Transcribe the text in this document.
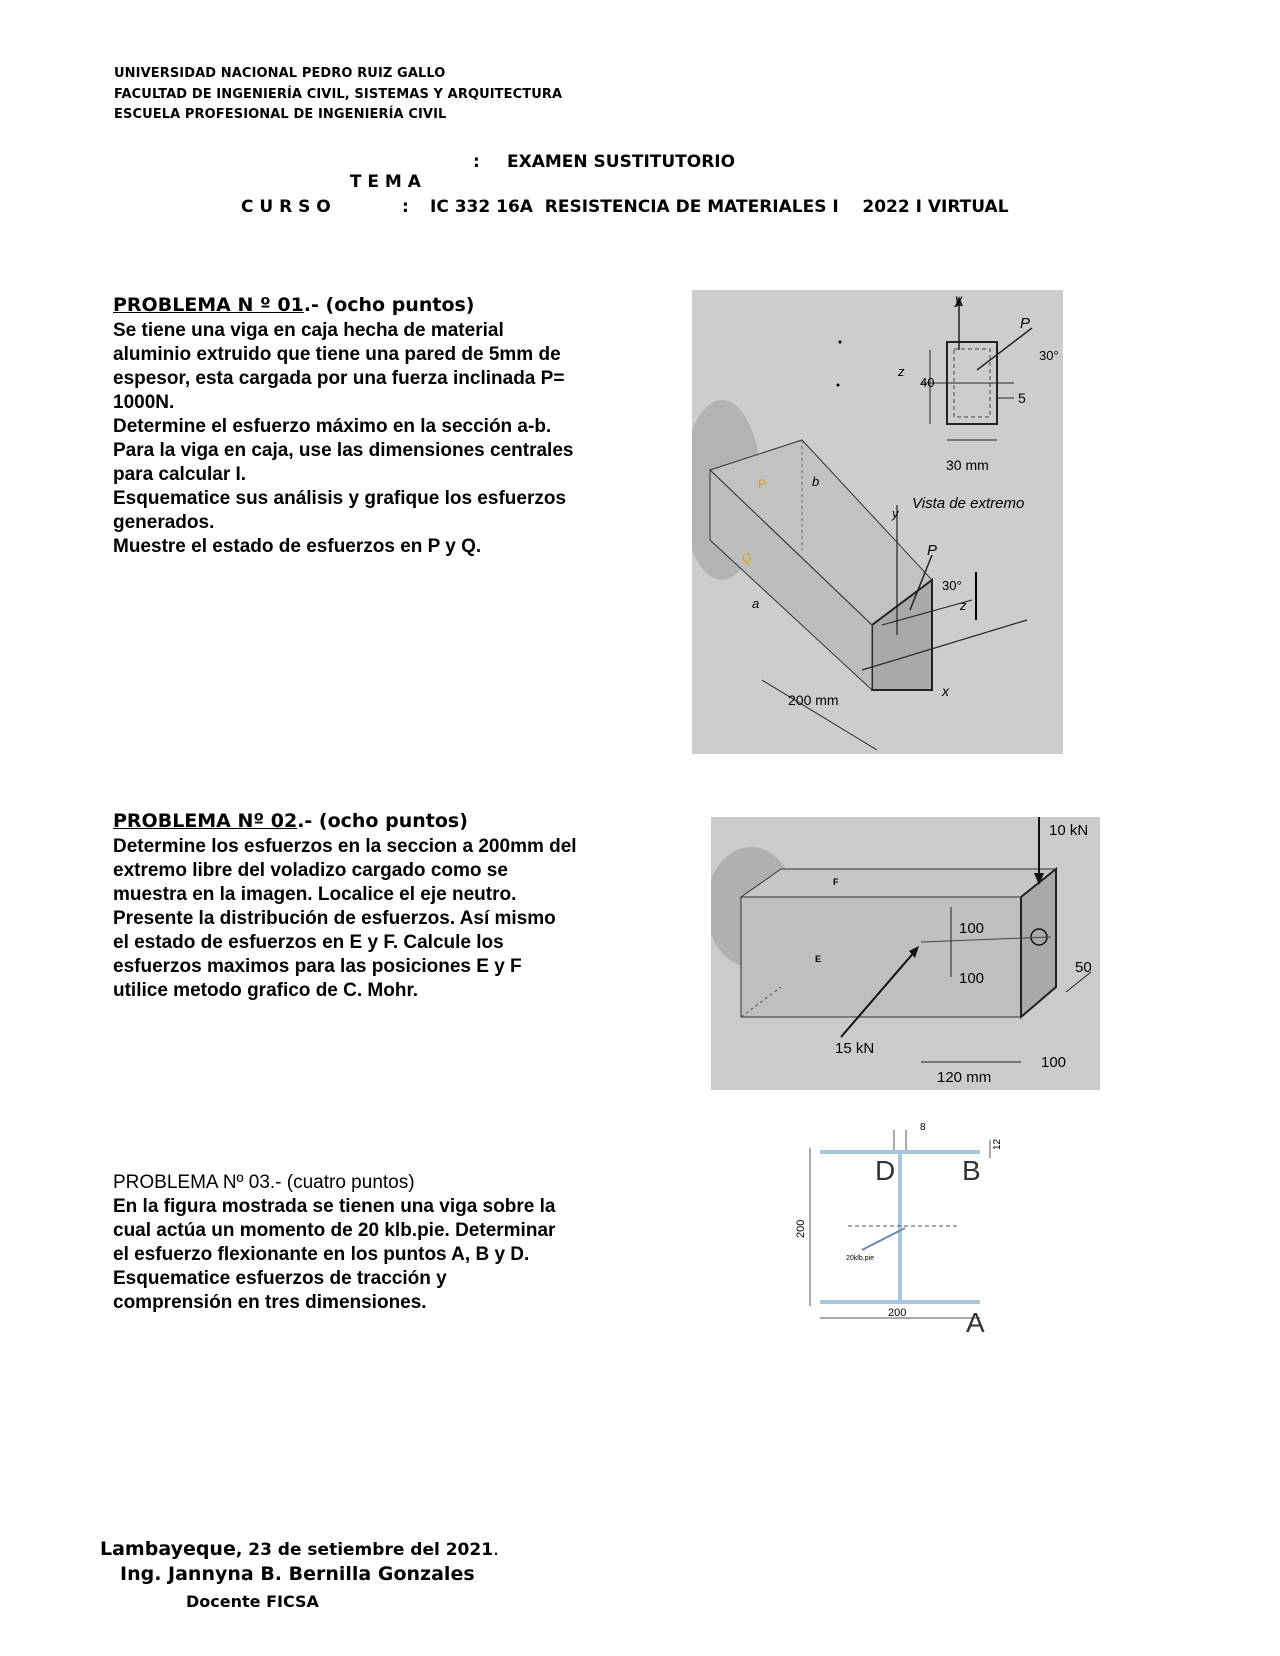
UNIVERSIDAD NACIONAL PEDRO RUIZ GALLO
FACULTAD DE INGENIERÍA CIVIL, SISTEMAS Y ARQUITECTURA
ESCUELA PROFESIONAL DE INGENIERÍA CIVIL

T E M A

: EXAMEN SUSTITUTORIO
C U R S O	: IC 332 16A  RESISTENCIA DE MATERIALES I    2022 I VIRTUAL
PROBLEMA N º 01.- (ocho puntos)

Se tiene una viga en caja hecha de material

aluminio extruido que tiene una pared de 5mm de

espesor, esta cargada por una fuerza inclinada P=

1000N.

Determine el esfuerzo máximo en la sección a-b.

Para la viga en caja, use las dimensiones centrales

para calcular I.

Esquematice sus análisis y grafique los esfuerzos

generados.

Muestre el estado de esfuerzos en P y Q.

y
P
30°
z
40
5
30 mm
Vista de extremo
b
a
P
30°
z
y
x
200 mm
P
Q
PROBLEMA Nº 02.- (ocho puntos)

Determine los esfuerzos en la seccion a 200mm del

extremo libre del voladizo cargado como se

muestra en la imagen. Localice el eje neutro.

Presente la distribución de esfuerzos. Así mismo

el estado de esfuerzos en E y F. Calcule los

esfuerzos maximos para las posiciones E y F

utilice metodo grafico de C. Mohr.

10 kN
100
100
50
15 kN
120 mm
100
F
E
PROBLEMA Nº 03.- (cuatro puntos)
En la figura mostrada se tienen una viga sobre la
cual actúa un momento de 20 klb.pie. Determinar
el esfuerzo flexionante en los puntos A, B y D.
Esquematice esfuerzos de tracción y
comprensión en tres dimensiones.
8
12
D B
200
20klb.pie
200 A
Lambayeque, 23 de setiembre del 2021.
Ing. Jannyna B. Bernilla Gonzales
Docente FICSA
